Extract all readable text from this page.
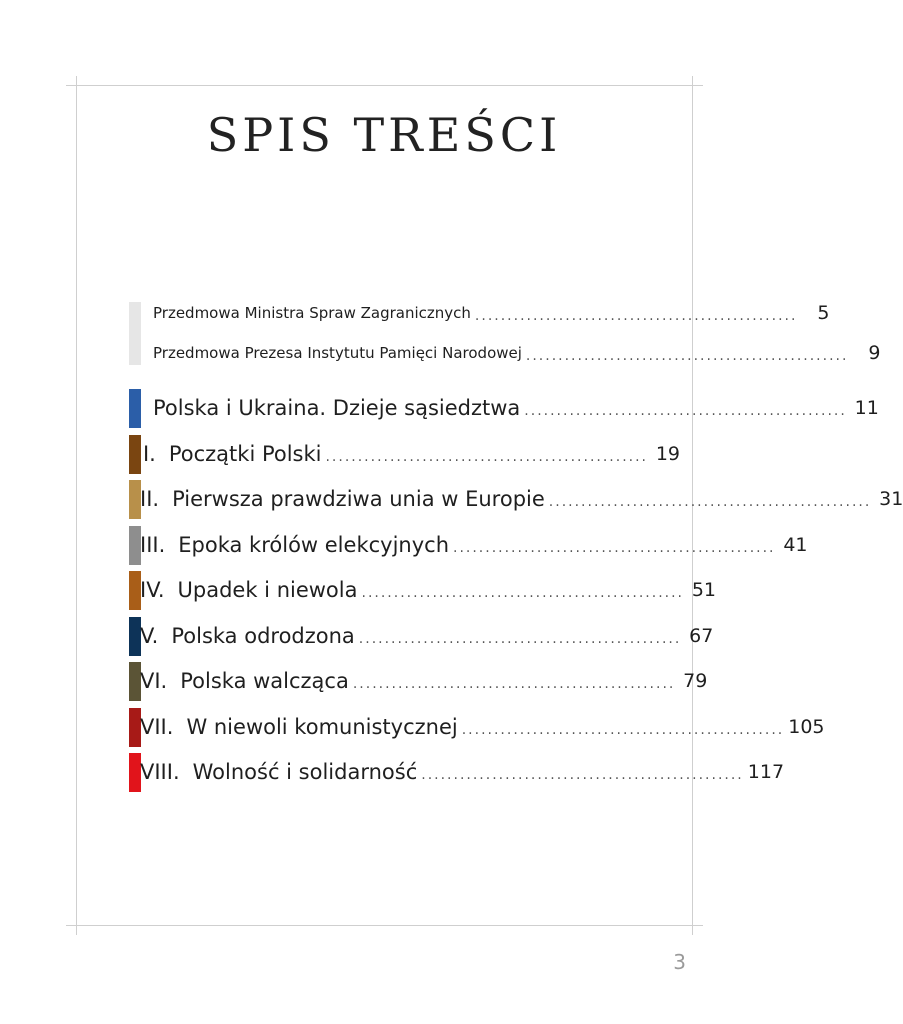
SPIS TREŚCI
Przedmowa Ministra Spraw Zagranicznych ..................................................	5
Przedmowa Prezesa Instytutu Pamięci Narodowej ..................................................	9
Polska i Ukraina. Dzieje sąsiedztwa .................................................. 11
I. Początki Polski .................................................. 19
II. Pierwsza prawdziwa unia w Europie .................................................. 31
III. Epoka królów elekcyjnych .................................................. 41
IV. Upadek i niewola .................................................. 51
V. Polska odrodzona .................................................. 67
VI. Polska walcząca .................................................. 79
VII. W niewoli komunistycznej .................................................. 105
VIII. Wolność i solidarność .................................................. 117
3
